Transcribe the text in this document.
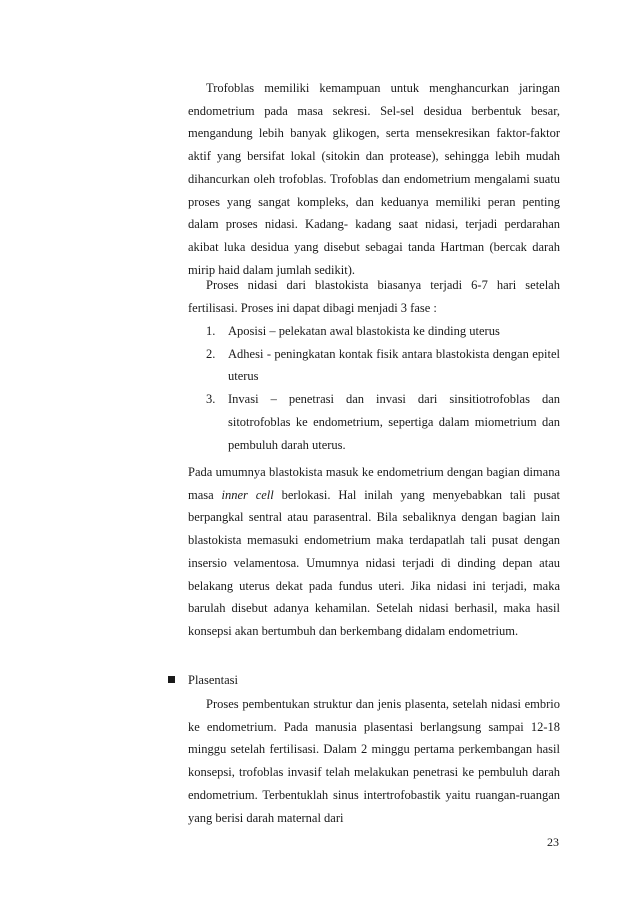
Trofoblas memiliki kemampuan untuk menghancurkan jaringan endometrium pada masa sekresi. Sel-sel desidua berbentuk besar, mengandung lebih banyak glikogen, serta mensekresikan faktor-faktor aktif yang bersifat lokal (sitokin dan protease), sehingga lebih mudah dihancurkan oleh trofoblas. Trofoblas dan endometrium mengalami suatu proses yang sangat kompleks, dan keduanya memiliki peran penting dalam proses nidasi. Kadang- kadang saat nidasi, terjadi perdarahan akibat luka desidua yang disebut sebagai tanda Hartman (bercak darah mirip haid dalam jumlah sedikit).

Proses nidasi dari blastokista biasanya terjadi 6-7 hari setelah fertilisasi. Proses ini dapat dibagi menjadi 3 fase :

1. Aposisi – pelekatan awal blastokista ke dinding uterus

2. Adhesi - peningkatan kontak fisik antara blastokista dengan epitel uterus

3. Invasi – penetrasi dan invasi dari sinsitiotrofoblas dan sitotrofoblas ke endometrium, sepertiga dalam miometrium dan pembuluh darah uterus.

Pada umumnya blastokista masuk ke endometrium dengan bagian dimana masa inner cell berlokasi. Hal inilah yang menyebabkan tali pusat berpangkal sentral atau parasentral. Bila sebaliknya dengan bagian lain blastokista memasuki endometrium maka terdapatlah tali pusat dengan insersio velamentosa. Umumnya nidasi terjadi di dinding depan atau belakang uterus dekat pada fundus uteri. Jika nidasi ini terjadi, maka barulah disebut adanya kehamilan. Setelah nidasi berhasil, maka hasil konsepsi akan bertumbuh dan berkembang didalam endometrium.

Plasentasi

Proses pembentukan struktur dan jenis plasenta, setelah nidasi embrio ke endometrium. Pada manusia plasentasi berlangsung sampai 12-18 minggu setelah fertilisasi. Dalam 2 minggu pertama perkembangan hasil konsepsi, trofoblas invasif telah melakukan penetrasi ke pembuluh darah endometrium. Terbentuklah sinus intertrofobastik yaitu ruangan-ruangan yang berisi darah maternal dari

23
